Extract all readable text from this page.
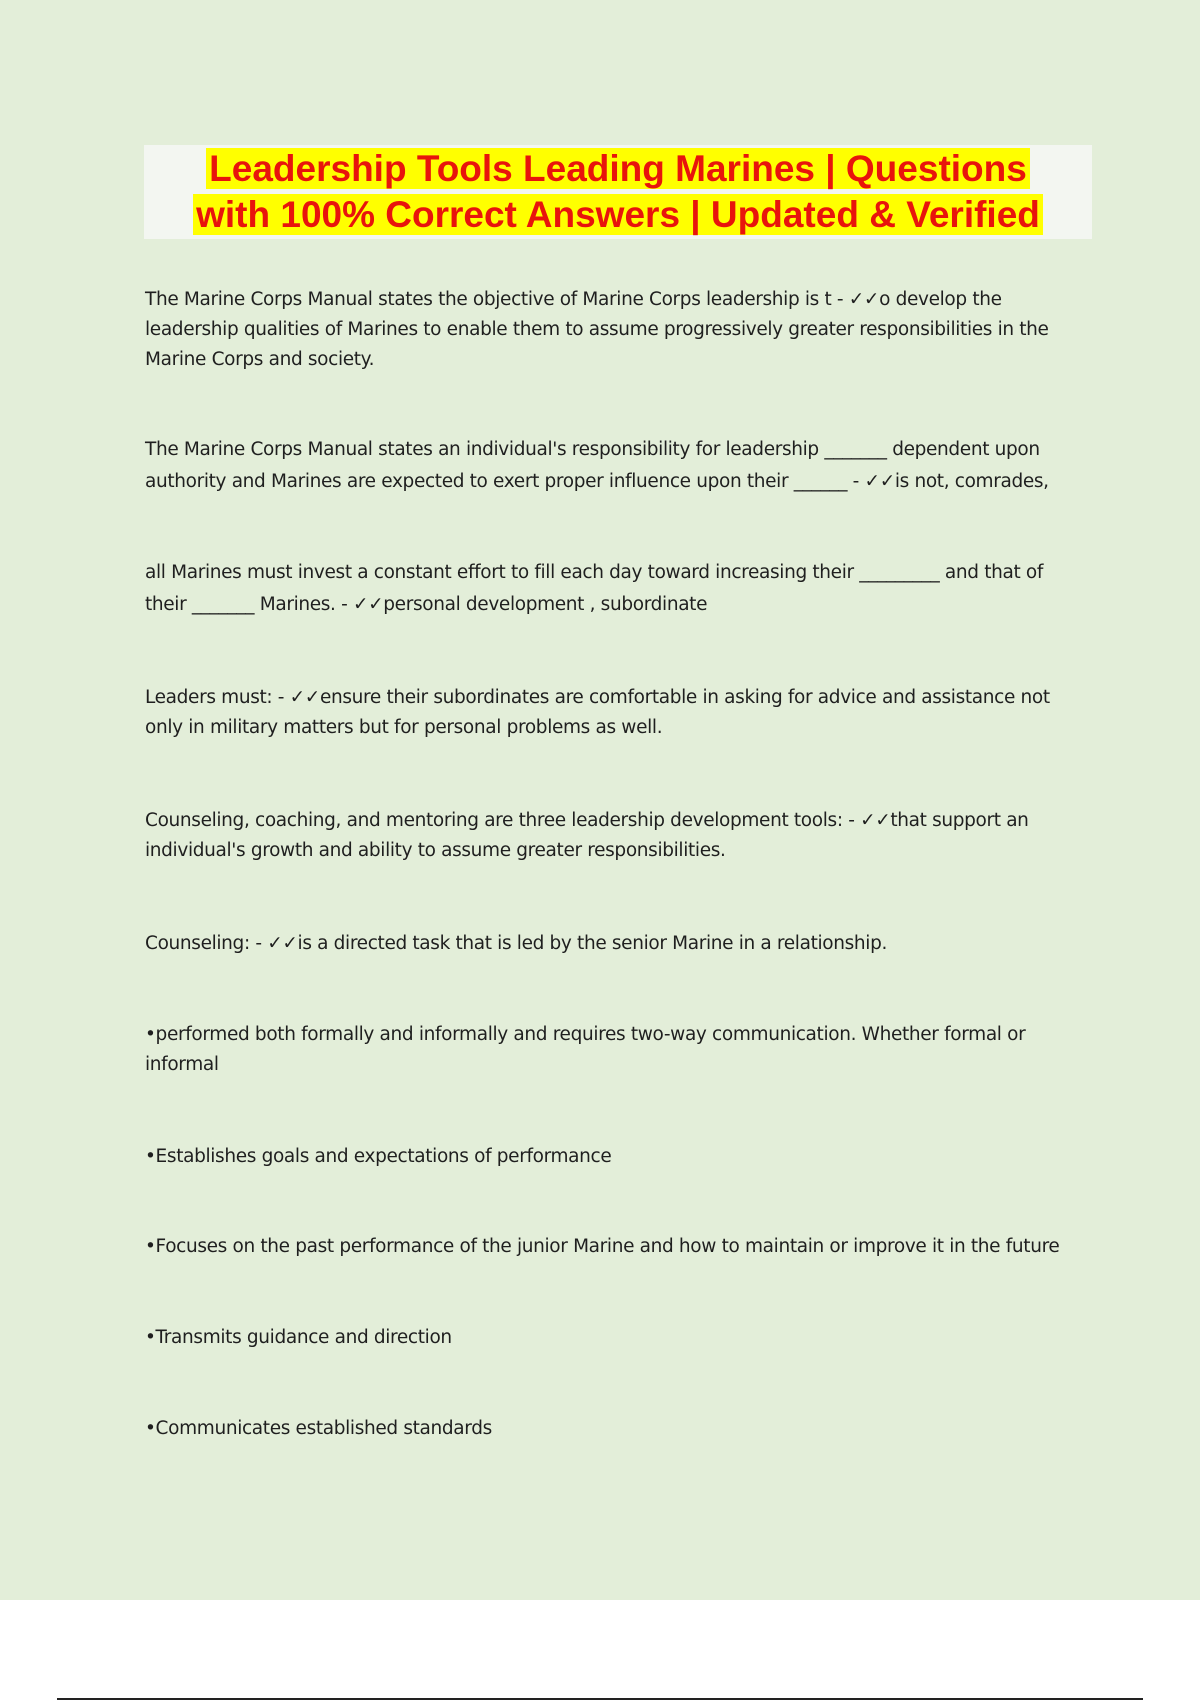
Leadership Tools Leading Marines | Questions
with 100% Correct Answers | Updated & Verified

The Marine Corps Manual states the objective of Marine Corps leadership is t - ✓✓o develop the

leadership qualities of Marines to enable them to assume progressively greater responsibilities in the

Marine Corps and society.

The Marine Corps Manual states an individual's responsibility for leadership _______ dependent upon

authority and Marines are expected to exert proper influence upon their ______ - ✓✓is not, comrades,

all Marines must invest a constant effort to fill each day toward increasing their _________ and that of

their _______ Marines. - ✓✓personal development , subordinate

Leaders must: - ✓✓ensure their subordinates are comfortable in asking for advice and assistance not

only in military matters but for personal problems as well.

Counseling, coaching, and mentoring are three leadership development tools: - ✓✓that support an

individual's growth and ability to assume greater responsibilities.

Counseling: - ✓✓is a directed task that is led by the senior Marine in a relationship.

•performed both formally and informally and requires two-way communication. Whether formal or

informal

•Establishes goals and expectations of performance

•Focuses on the past performance of the junior Marine and how to maintain or improve it in the future

•Transmits guidance and direction

•Communicates established standards
